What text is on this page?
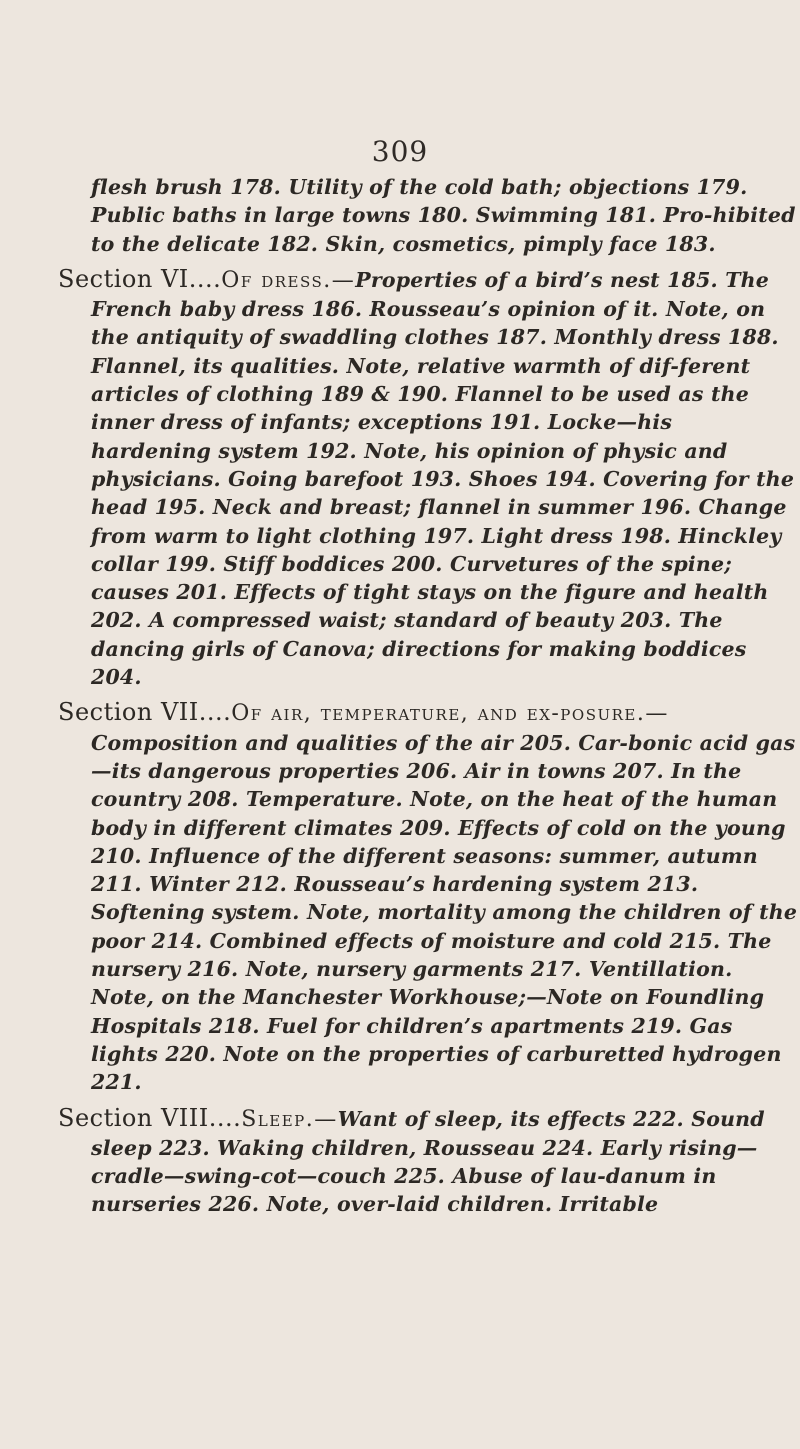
309

flesh brush 178. Utility of the cold bath; objections 179. Public baths in large towns 180. Swimming 181. Pro-hibited to the delicate 182. Skin, cosmetics, pimply face 183.

Section VI....Of dress.—Properties of a bird’s nest 185. The French baby dress 186. Rousseau’s opinion of it. Note, on the antiquity of swaddling clothes 187. Monthly dress 188. Flannel, its qualities. Note, relative warmth of dif-ferent articles of clothing 189 & 190. Flannel to be used as the inner dress of infants; exceptions 191. Locke—his hardening system 192. Note, his opinion of physic and physicians. Going barefoot 193. Shoes 194. Covering for the head 195. Neck and breast; flannel in summer 196. Change from warm to light clothing 197. Light dress 198. Hinckley collar 199. Stiff boddices 200. Curvetures of the spine; causes 201. Effects of tight stays on the figure and health 202. A compressed waist; standard of beauty 203. The dancing girls of Canova; directions for making boddices 204.

Section VII....Of air, temperature, and ex-posure.—Composition and qualities of the air 205. Car-bonic acid gas—its dangerous properties 206. Air in towns 207. In the country 208. Temperature. Note, on the heat of the human body in different climates 209. Effects of cold on the young 210. Influence of the different seasons: summer, autumn 211. Winter 212. Rousseau’s hardening system 213. Softening system. Note, mortality among the children of the poor 214. Combined effects of moisture and cold 215. The nursery 216. Note, nursery garments 217. Ventillation. Note, on the Manchester Workhouse;—Note on Foundling Hospitals 218. Fuel for children’s apartments 219. Gas lights 220. Note on the properties of carburetted hydrogen 221.

Section VIII....Sleep.—Want of sleep, its effects 222. Sound sleep 223. Waking children, Rousseau 224. Early rising—cradle—swing-cot—couch 225. Abuse of lau-danum in nurseries 226. Note, over-laid children. Irritable
